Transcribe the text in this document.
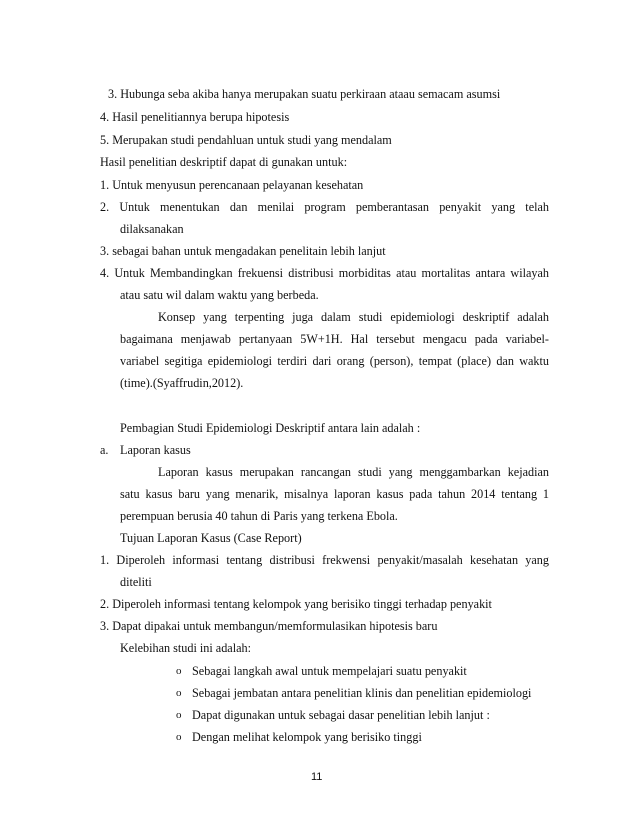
3. Hubunga seba akiba hanya merupakan suatu perkiraan ataau semacam asumsi
4. Hasil penelitiannya berupa hipotesis
5. Merupakan studi pendahluan untuk studi yang mendalam
Hasil penelitian deskriptif dapat di gunakan untuk:
1. Untuk menyusun perencanaan pelayanan kesehatan
2. Untuk menentukan dan menilai program pemberantasan penyakit yang telah
dilaksanakan
3. sebagai bahan untuk mengadakan penelitain lebih lanjut
4. Untuk Membandingkan frekuensi distribusi morbiditas atau mortalitas antara wilayah
atau satu wil dalam waktu yang berbeda.
Konsep yang terpenting juga dalam studi epidemiologi deskriptif adalah
bagaimana menjawab pertanyaan 5W+1H. Hal tersebut mengacu pada variabel-
variabel segitiga epidemiologi terdiri dari orang (person), tempat (place) dan waktu
(time).(Syaffrudin,2012).
Pembagian Studi Epidemiologi Deskriptif antara lain adalah :
a. Laporan kasus
Laporan kasus merupakan rancangan studi yang menggambarkan kejadian
satu kasus baru yang menarik, misalnya laporan kasus pada tahun 2014 tentang 1
perempuan berusia 40 tahun di Paris yang terkena Ebola.
Tujuan Laporan Kasus (Case Report)
1. Diperoleh informasi tentang distribusi frekwensi penyakit/masalah kesehatan yang
diteliti
2. Diperoleh informasi tentang kelompok yang berisiko tinggi terhadap penyakit
3. Dapat dipakai untuk membangun/memformulasikan hipotesis baru
Kelebihan studi ini adalah:
o Sebagai langkah awal untuk mempelajari suatu penyakit
o Sebagai jembatan antara penelitian klinis dan penelitian epidemiologi
o Dapat digunakan untuk sebagai dasar penelitian lebih lanjut :
o Dengan melihat kelompok yang berisiko tinggi
11
